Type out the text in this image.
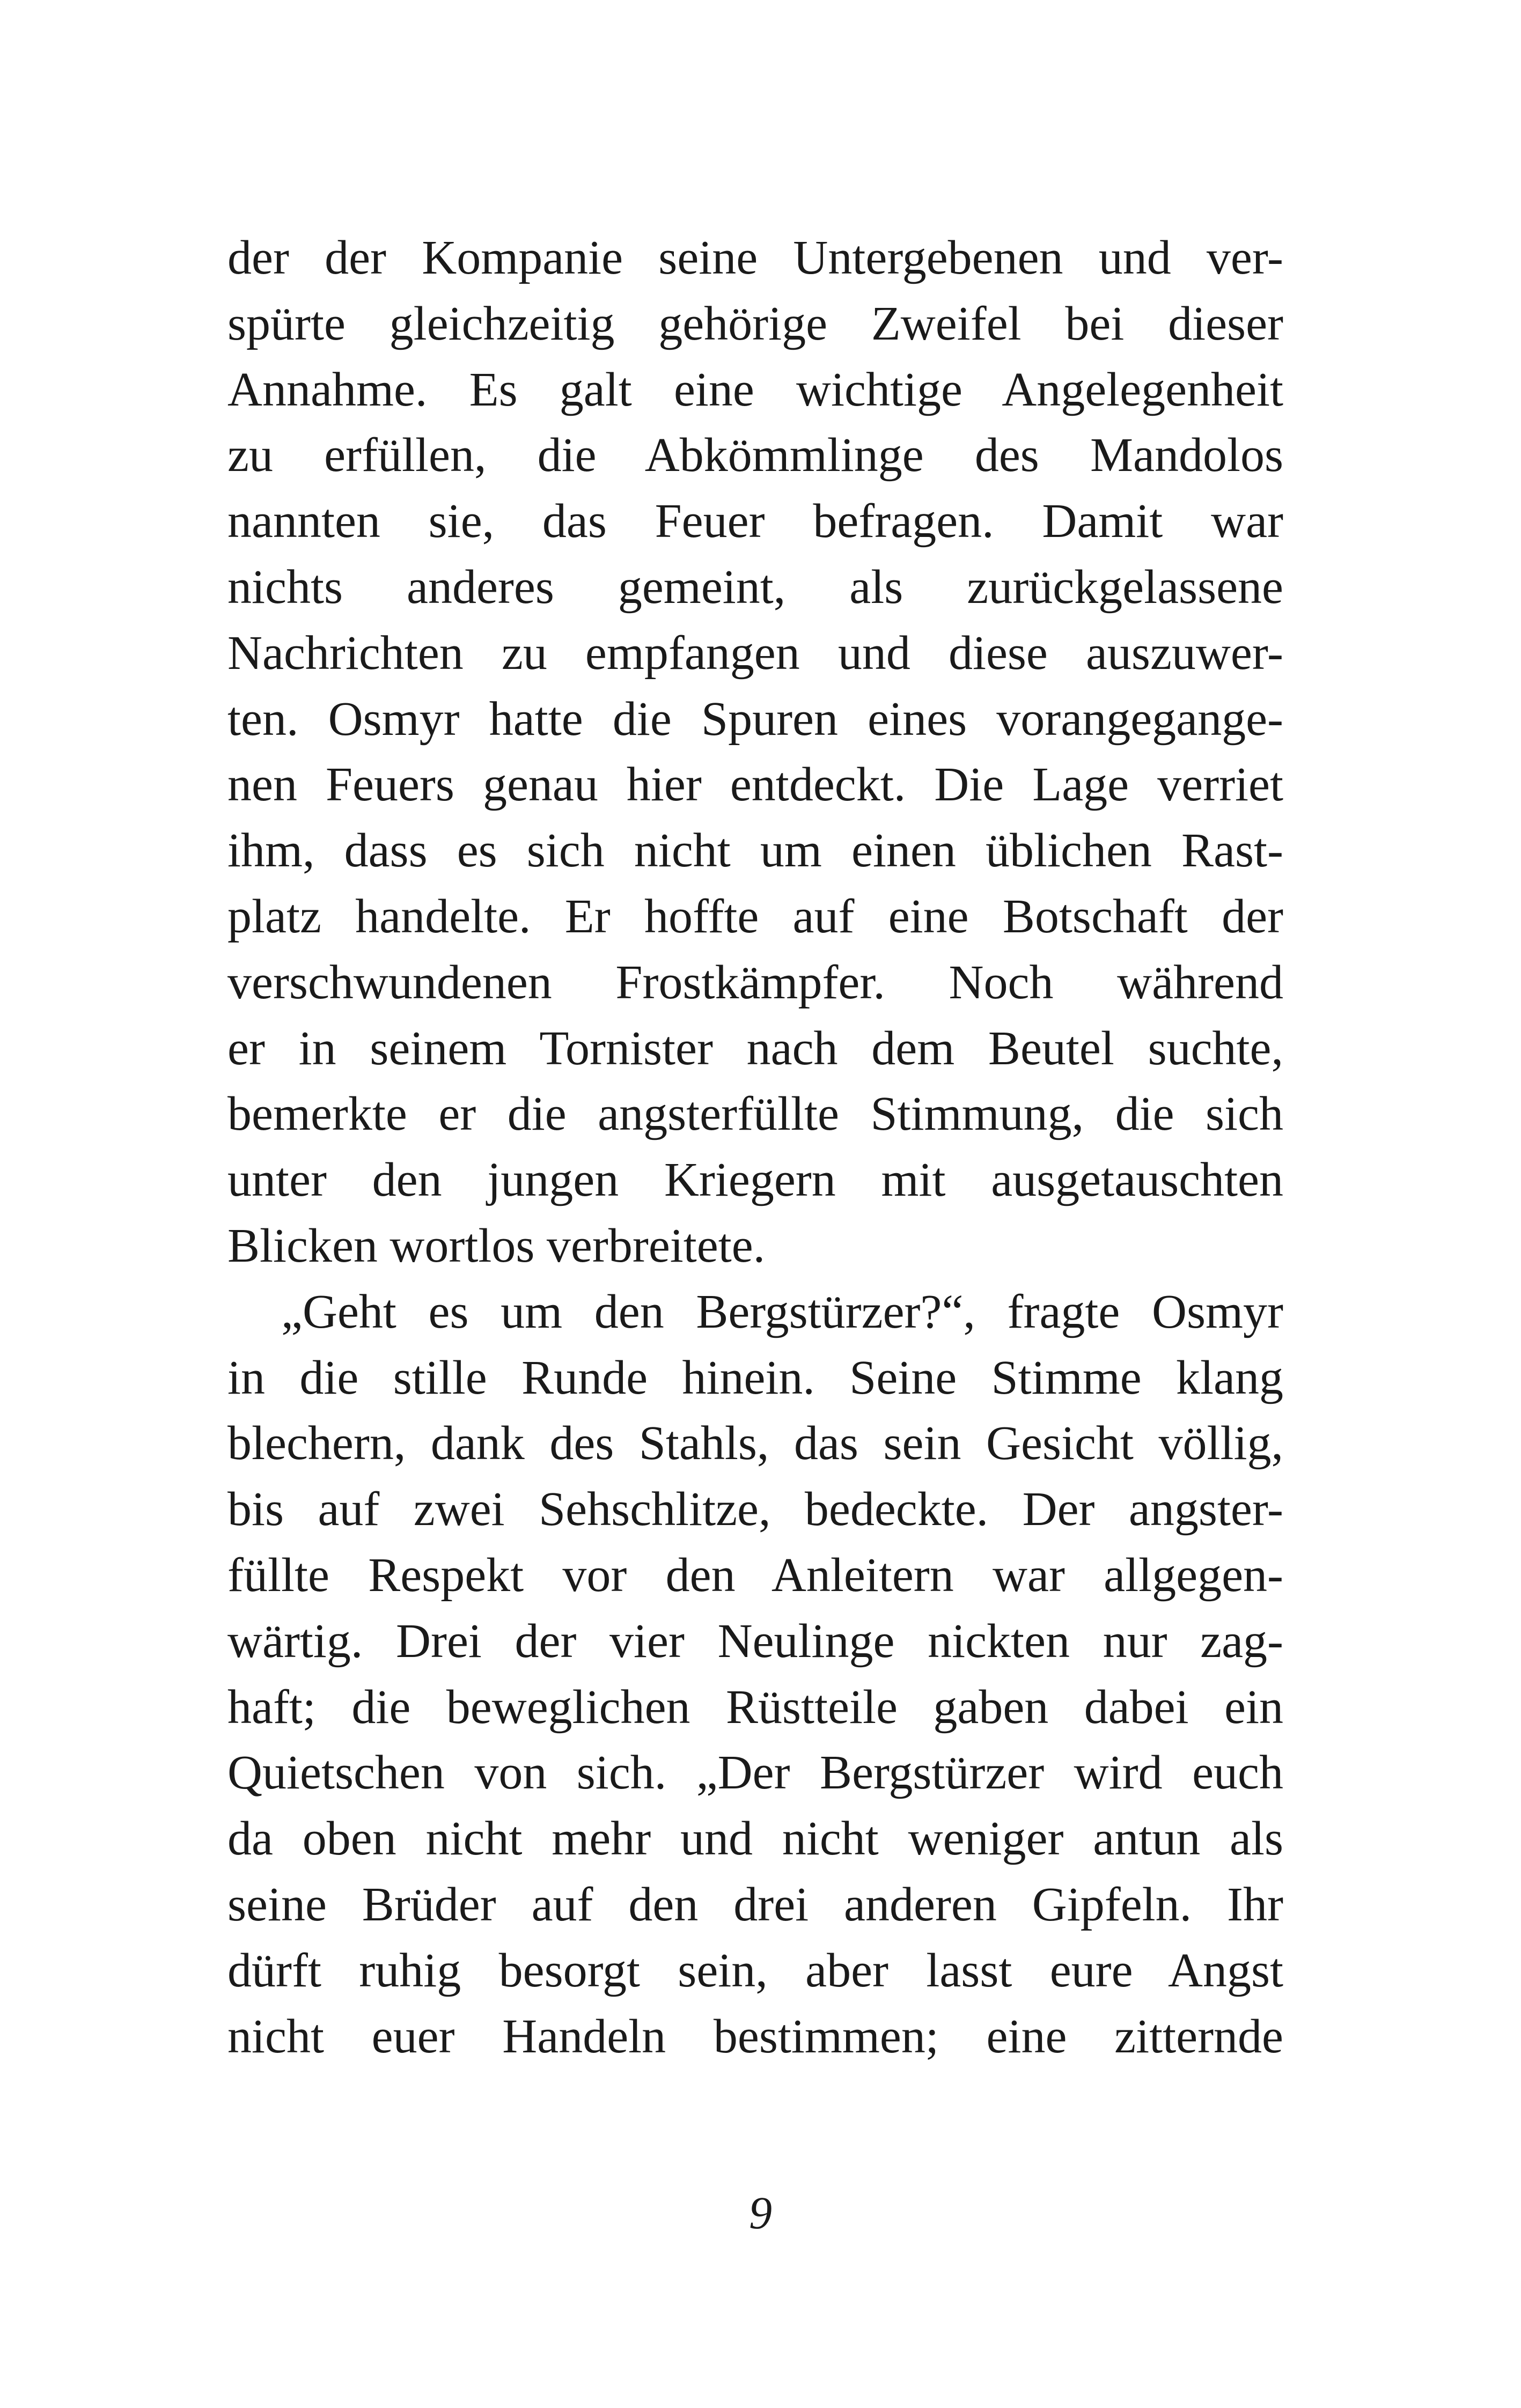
der der Kompanie seine Untergebenen und ver-
spürte gleichzeitig gehörige Zweifel bei dieser
Annahme. Es galt eine wichtige Angelegenheit
zu erfüllen, die Abkömmlinge des Mandolos
nannten sie, das Feuer befragen. Damit war
nichts anderes gemeint, als zurückgelassene
Nachrichten zu empfangen und diese auszuwer-
ten. Osmyr hatte die Spuren eines vorangegange-
nen Feuers genau hier entdeckt. Die Lage verriet
ihm, dass es sich nicht um einen üblichen Rast-
platz handelte. Er hoffte auf eine Botschaft der
verschwundenen Frostkämpfer. Noch während
er in seinem Tornister nach dem Beutel suchte,
bemerkte er die angsterfüllte Stimmung, die sich
unter den jungen Kriegern mit ausgetauschten
Blicken wortlos verbreitete.
„Geht es um den Bergstürzer?“, fragte Osmyr
in die stille Runde hinein. Seine Stimme klang
blechern, dank des Stahls, das sein Gesicht völlig,
bis auf zwei Sehschlitze, bedeckte. Der angster-
füllte Respekt vor den Anleitern war allgegen-
wärtig. Drei der vier Neulinge nickten nur zag-
haft; die beweglichen Rüstteile gaben dabei ein
Quietschen von sich. „Der Bergstürzer wird euch
da oben nicht mehr und nicht weniger antun als
seine Brüder auf den drei anderen Gipfeln. Ihr
dürft ruhig besorgt sein, aber lasst eure Angst
nicht euer Handeln bestimmen; eine zitternde
9
